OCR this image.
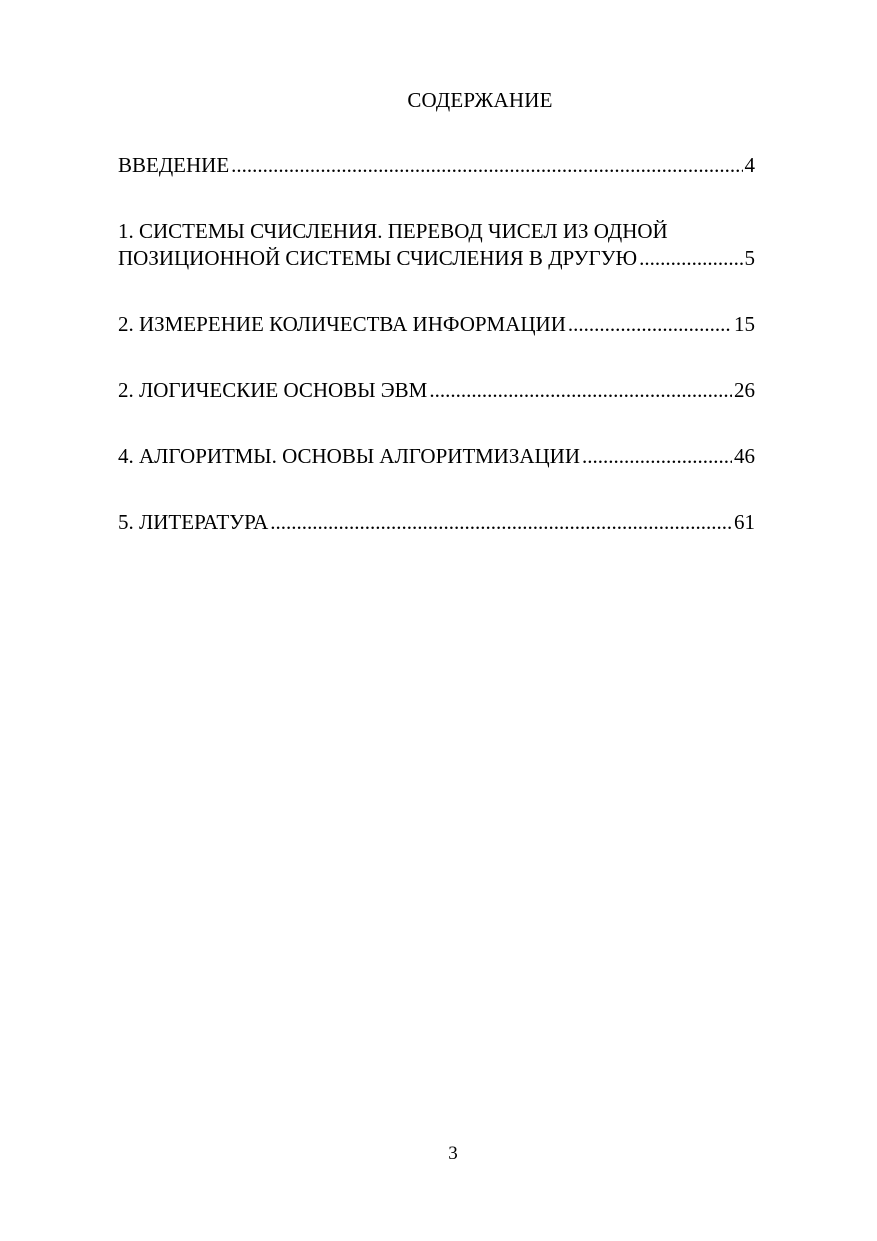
СОДЕРЖАНИЕ
ВВЕДЕНИЕ .....	4
1. СИСТЕМЫ СЧИСЛЕНИЯ. ПЕРЕВОД ЧИСЕЛ ИЗ ОДНОЙ
ПОЗИЦИОННОЙ СИСТЕМЫ СЧИСЛЕНИЯ В ДРУГУЮ .....	5
2. ИЗМЕРЕНИЕ КОЛИЧЕСТВА ИНФОРМАЦИИ .....	15
2. ЛОГИЧЕСКИЕ ОСНОВЫ ЭВМ .....	26
4. АЛГОРИТМЫ. ОСНОВЫ АЛГОРИТМИЗАЦИИ .....	46
5. ЛИТЕРАТУРА .....	61
3
